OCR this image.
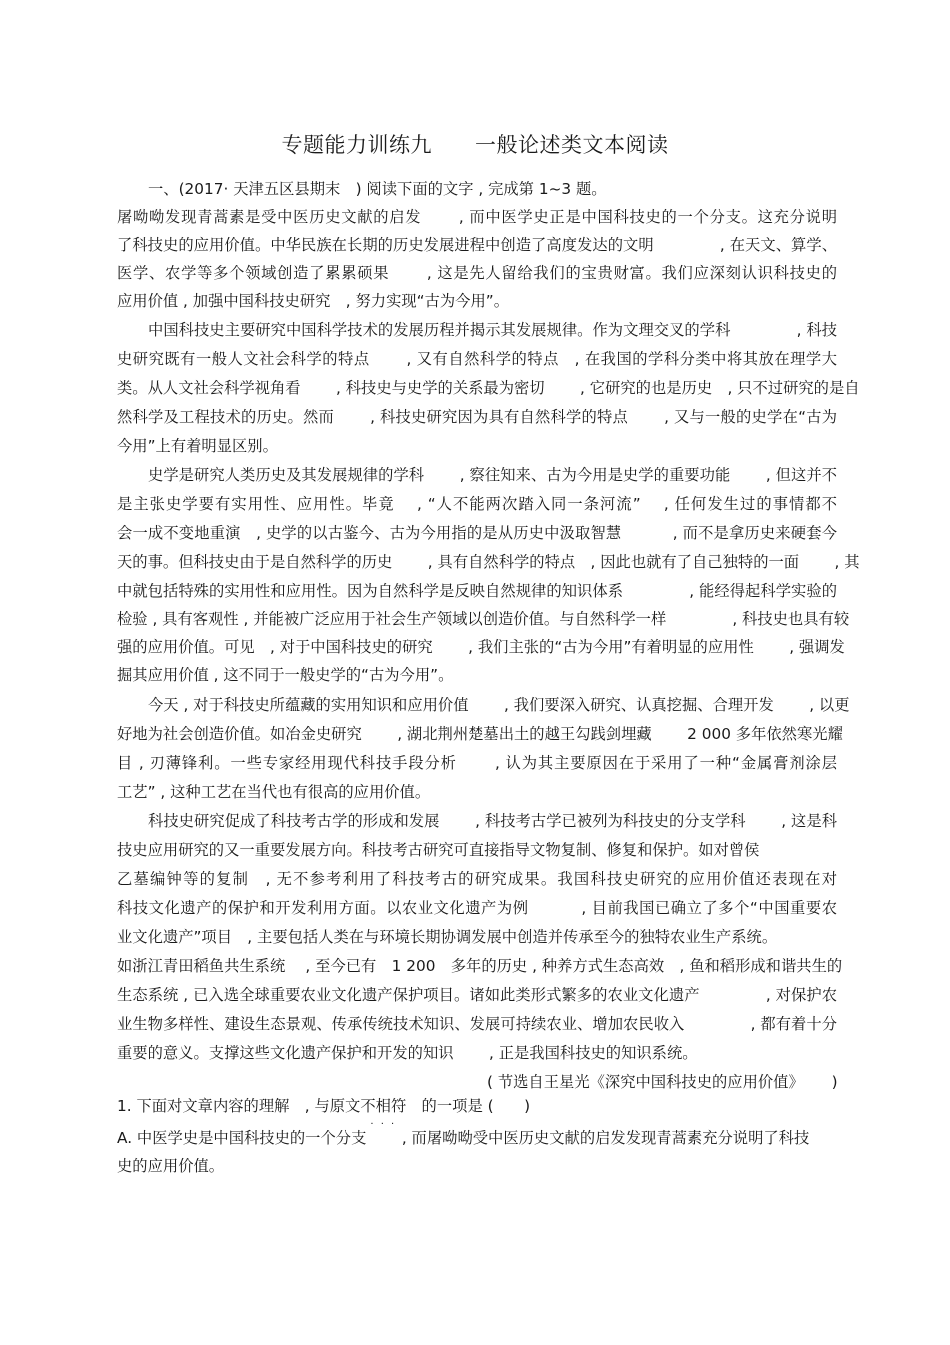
专题能力训练九　　一般论述类文本阅读
一、(2017· 天津五区县期末　) 阅读下面的文字 , 完成第 1~3 题。
屠呦呦发现青蒿素是受中医历史文献的启发　　 , 而中医学史正是中国科技史的一个分支。这充分说明
了科技史的应用价值。中华民族在长期的历史发展进程中创造了高度发达的文明　　　　 , 在天文、算学、
医学、农学等多个领域创造了累累硕果　　 , 这是先人留给我们的宝贵财富。我们应深刻认识科技史的
应用价值 , 加强中国科技史研究　, 努力实现“古为今用”。
中国科技史主要研究中国科学技术的发展历程并揭示其发展规律。作为文理交叉的学科　　　　 , 科技
史研究既有一般人文社会科学的特点　　 , 又有自然科学的特点　, 在我国的学科分类中将其放在理学大
类。从人文社会科学视角看　　 , 科技史与史学的关系最为密切　　 , 它研究的也是历史　, 只不过研究的是自
然科学及工程技术的历史。然而　　 , 科技史研究因为具有自然科学的特点　　 , 又与一般的史学在“古为
今用”上有着明显区别。
史学是研究人类历史及其发展规律的学科　　 , 察往知来、古为今用是史学的重要功能　　 , 但这并不
是主张史学要有实用性、应用性。毕竟　 , “人不能两次踏入同一条河流”　 , 任何发生过的事情都不
会一成不变地重演　, 史学的以古鉴今、古为今用指的是从历史中汲取智慧　　　 , 而不是拿历史来硬套今
天的事。但科技史由于是自然科学的历史　　 , 具有自然科学的特点　, 因此也就有了自己独特的一面　　 , 其
中就包括特殊的实用性和应用性。因为自然科学是反映自然规律的知识体系　　　　 , 能经得起科学实验的
检验 , 具有客观性 , 并能被广泛应用于社会生产领域以创造价值。与自然科学一样　　　　 , 科技史也具有较
强的应用价值。可见　, 对于中国科技史的研究　　 , 我们主张的“古为今用”有着明显的应用性　　 , 强调发
掘其应用价值 , 这不同于一般史学的“古为今用”。
今天 , 对于科技史所蕴藏的实用知识和应用价值　　 , 我们要深入研究、认真挖掘、合理开发　　 , 以更
好地为社会创造价值。如冶金史研究　　 , 湖北荆州楚墓出土的越王勾践剑埋藏　　 2 000 多年依然寒光耀
目 , 刃薄锋利。一些专家经用现代科技手段分析　　 , 认为其主要原因在于采用了一种“金属膏剂涂层
工艺” , 这种工艺在当代也有很高的应用价值。
科技史研究促成了科技考古学的形成和发展　　 , 科技考古学已被列为科技史的分支学科　　 , 这是科
技史应用研究的又一重要发展方向。科技考古研究可直接指导文物复制、修复和保护。如对曾侯
乙墓编钟等的复制　, 无不参考利用了科技考古的研究成果。我国科技史研究的应用价值还表现在对
科技文化遗产的保护和开发利用方面。以农业文化遗产为例　　　 , 目前我国已确立了多个“中国重要农
业文化遗产”项目　, 主要包括人类在与环境长期协调发展中创造并传承至今的独特农业生产系统。
如浙江青田稻鱼共生系统　 , 至今已有　1 200　多年的历史 , 种养方式生态高效　, 鱼和稻形成和谐共生的
生态系统 , 已入选全球重要农业文化遗产保护项目。诸如此类形式繁多的农业文化遗产　　　　 , 对保护农
业生物多样性、建设生态景观、传承传统技术知识、发展可持续农业、增加农民收入　　　　 , 都有着十分
重要的意义。支撑这些文化遗产保护和开发的知识　　 , 正是我国科技史的知识系统。
( 节选自王星光《深究中国科技史的应用价值》　　 )
1. 下面对文章内容的理解　, 与原文不相符 · · ·　的一项是 (　　)
A. 中医学史是中国科技史的一个分支　　 , 而屠呦呦受中医历史文献的启发发现青蒿素充分说明了科技
史的应用价值。
